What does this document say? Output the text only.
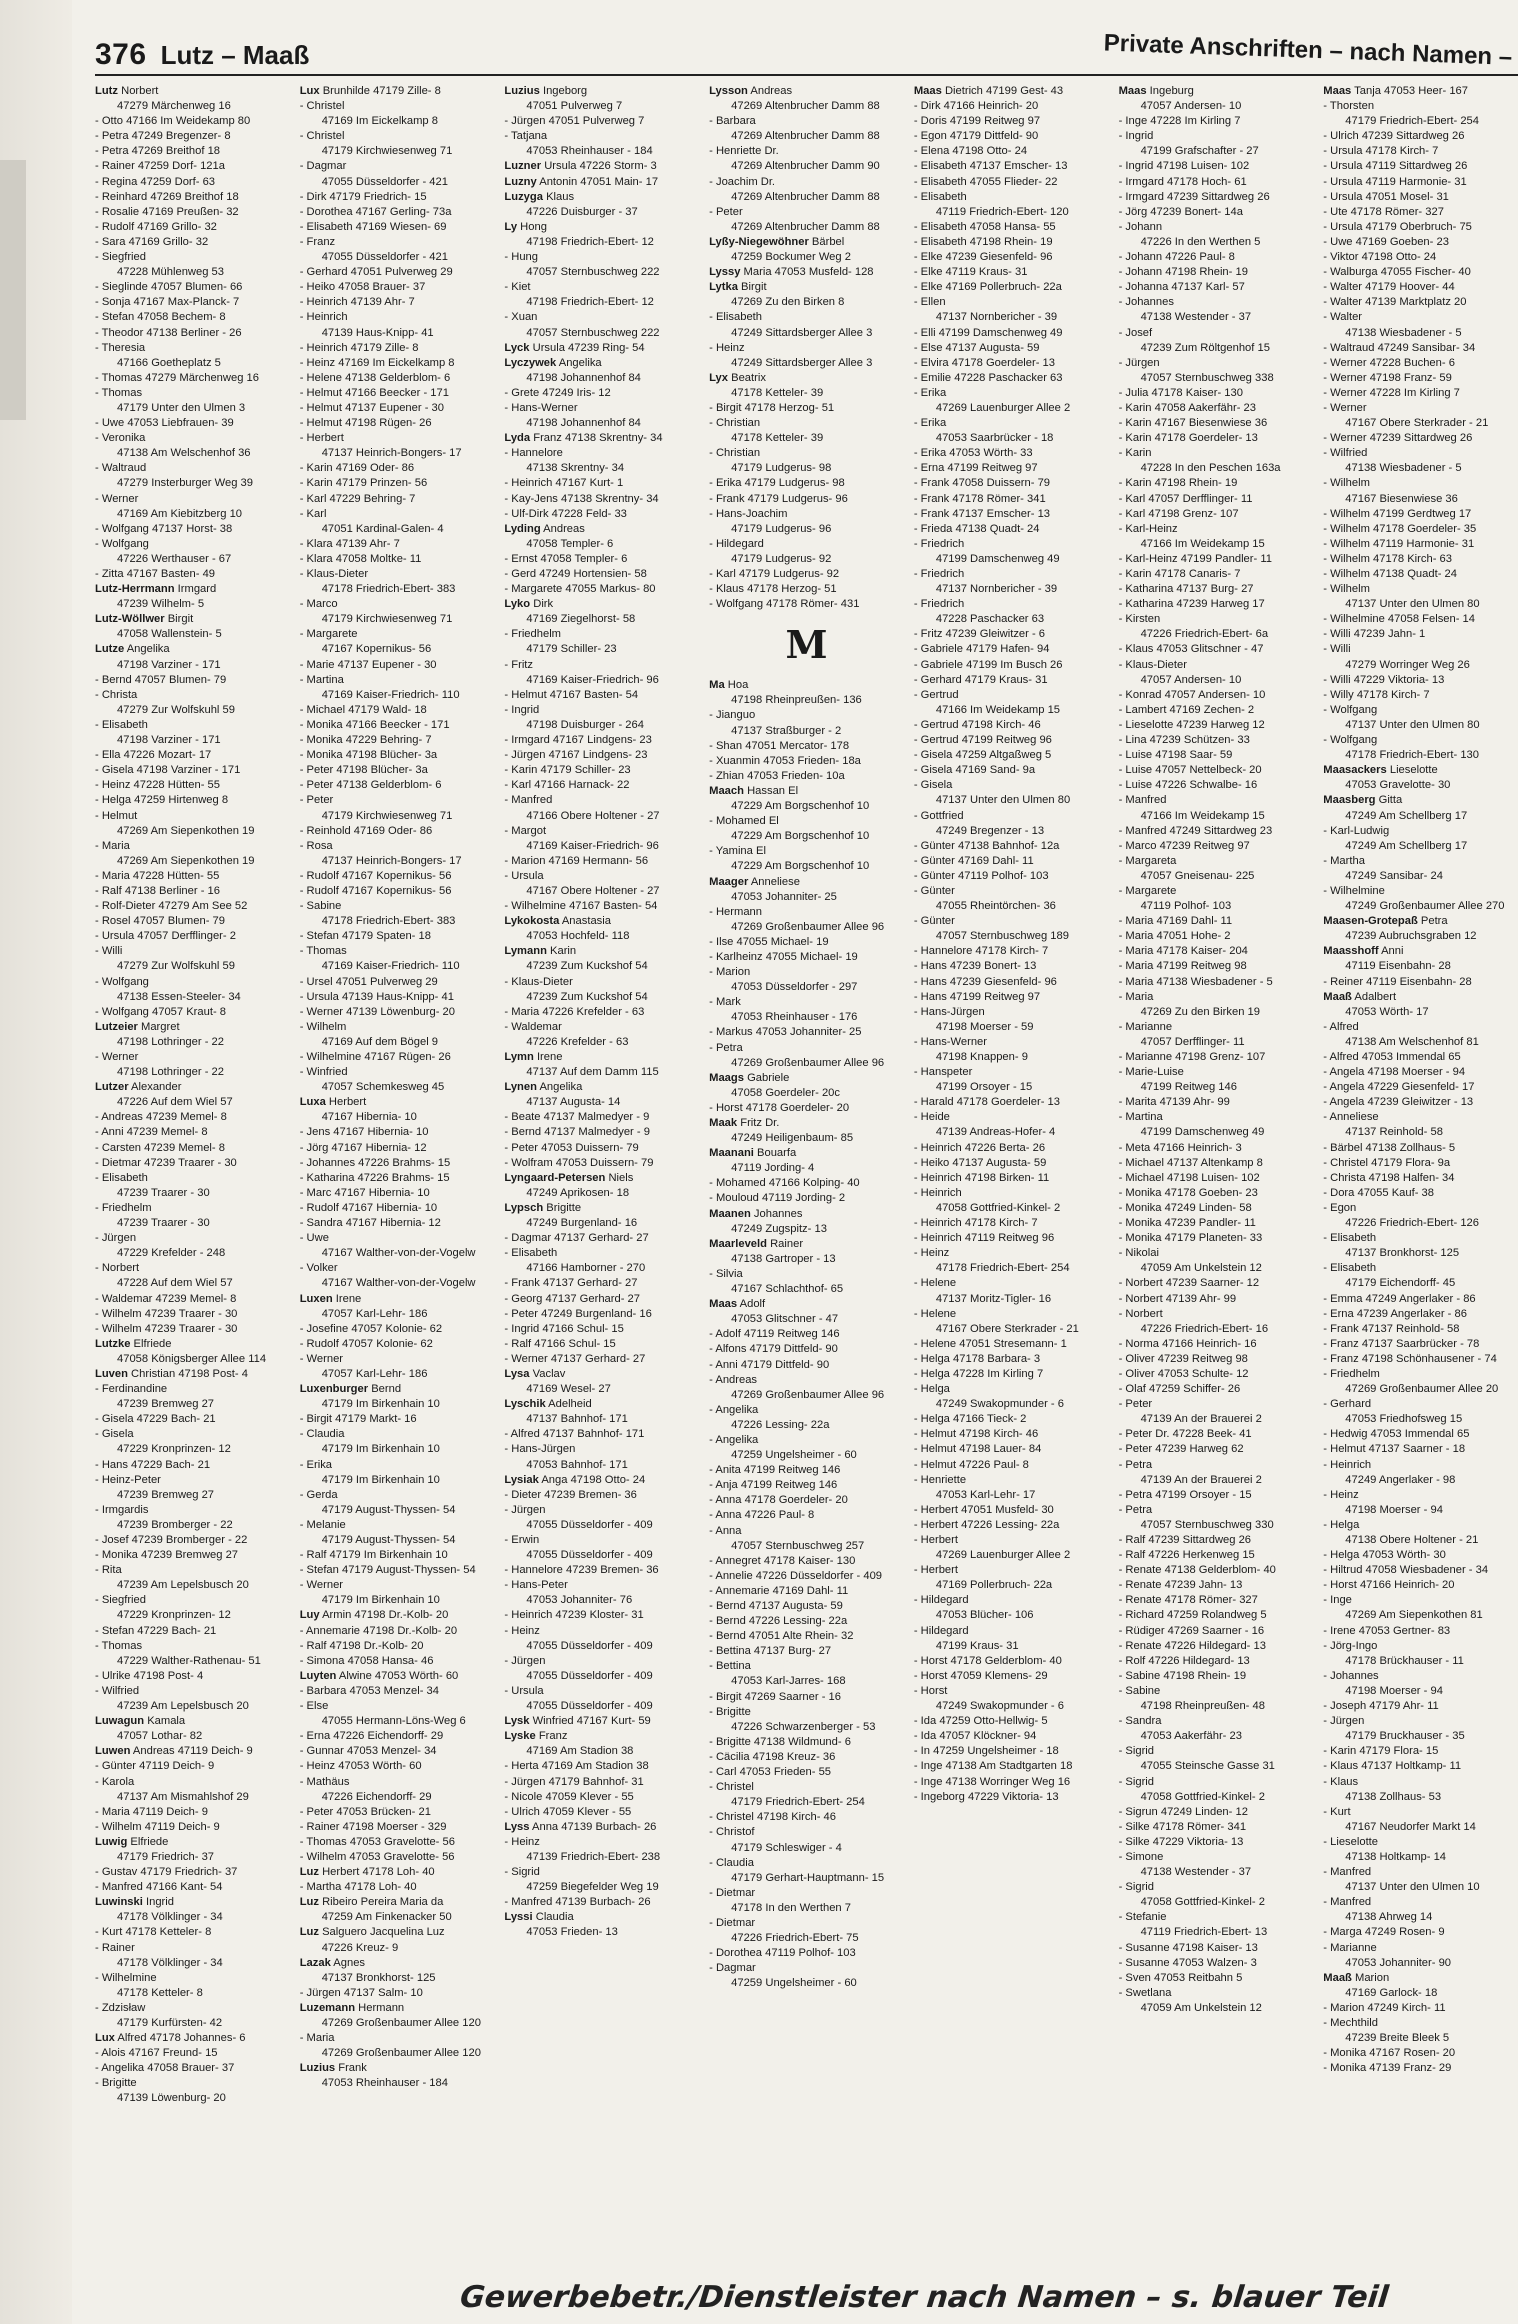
376 Lutz – Maaß	Private Anschriften – nach Namen –
Lutz Norbert
47279 Märchenweg 16
- Otto 47166 Im Weidekamp 80
- Petra 47249 Bregenzer- 8
- Petra 47269 Breithof 18
- Rainer 47259 Dorf- 121a
- Regina 47259 Dorf- 63
- Reinhard 47269 Breithof 18
- Rosalie 47169 Preußen- 32
- Rudolf 47169 Grillo- 32
- Sara 47169 Grillo- 32
- Siegfried
47228 Mühlenweg 53
- Sieglinde 47057 Blumen- 66
- Sonja 47167 Max-Planck- 7
- Stefan 47058 Bechem- 8
- Theodor 47138 Berliner - 26
- Theresia
47166 Goetheplatz 5
- Thomas 47279 Märchenweg 16
- Thomas
47179 Unter den Ulmen 3
- Uwe 47053 Liebfrauen- 39
- Veronika
47138 Am Welschenhof 36
- Waltraud
47279 Insterburger Weg 39
- Werner
47169 Am Kiebitzberg 10
- Wolfgang 47137 Horst- 38
- Wolfgang
47226 Werthauser - 67
- Zitta 47167 Basten- 49
Lutz-Herrmann Irmgard
47239 Wilhelm- 5
Lutz-Wöllwer Birgit
47058 Wallenstein- 5
Lutze Angelika
47198 Varziner - 171
- Bernd 47057 Blumen- 79
- Christa
47279 Zur Wolfskuhl 59
- Elisabeth
47198 Varziner - 171
- Ella 47226 Mozart- 17
- Gisela 47198 Varziner - 171
- Heinz 47228 Hütten- 55
- Helga 47259 Hirtenweg 8
- Helmut
47269 Am Siepenkothen 19
- Maria
47269 Am Siepenkothen 19
- Maria 47228 Hütten- 55
- Ralf 47138 Berliner - 16
- Rolf-Dieter 47279 Am See 52
- Rosel 47057 Blumen- 79
- Ursula 47057 Derfflinger- 2
- Willi
47279 Zur Wolfskuhl 59
- Wolfgang
47138 Essen-Steeler- 34
- Wolfgang 47057 Kraut- 8
Lutzeier Margret
47198 Lothringer - 22
- Werner
47198 Lothringer - 22
Lutzer Alexander
47226 Auf dem Wiel 57
- Andreas 47239 Memel- 8
- Anni 47239 Memel- 8
- Carsten 47239 Memel- 8
- Dietmar 47239 Traarer - 30
- Elisabeth
47239 Traarer - 30
- Friedhelm
47239 Traarer - 30
- Jürgen
47229 Krefelder - 248
- Norbert
47228 Auf dem Wiel 57
- Waldemar 47239 Memel- 8
- Wilhelm 47239 Traarer - 30
- Wilhelm 47239 Traarer - 30
Lutzke Elfriede
47058 Königsberger Allee 114
Luven Christian 47198 Post- 4
- Ferdinandine
47239 Bremweg 27
- Gisela 47229 Bach- 21
- Gisela
47229 Kronprinzen- 12
- Hans 47229 Bach- 21
- Heinz-Peter
47239 Bremweg 27
- Irmgardis
47239 Bromberger - 22
- Josef 47239 Bromberger - 22
- Monika 47239 Bremweg 27
- Rita
47239 Am Lepelsbusch 20
- Siegfried
47229 Kronprinzen- 12
- Stefan 47229 Bach- 21
- Thomas
47229 Walther-Rathenau- 51
- Ulrike 47198 Post- 4
- Wilfried
47239 Am Lepelsbusch 20
Luwagun Kamala
47057 Lothar- 82
Luwen Andreas 47119 Deich- 9
- Günter 47119 Deich- 9
- Karola
47137 Am Mismahlshof 29
- Maria 47119 Deich- 9
- Wilhelm 47119 Deich- 9
Luwig Elfriede
47179 Friedrich- 37
- Gustav 47179 Friedrich- 37
- Manfred 47166 Kant- 54
Luwinski Ingrid
47178 Völklinger - 34
- Kurt 47178 Ketteler- 8
- Rainer
47178 Völklinger - 34
- Wilhelmine
47178 Ketteler- 8
- Zdzisław
47179 Kurfürsten- 42
Lux Alfred 47178 Johannes- 6
- Alois 47167 Freund- 15
- Angelika 47058 Brauer- 37
- Brigitte
47139 Löwenburg- 20
Lux Brunhilde 47179 Zille- 8
- Christel
47169 Im Eickelkamp 8
- Christel
47179 Kirchwiesenweg 71
- Dagmar
47055 Düsseldorfer - 421
- Dirk 47179 Friedrich- 15
- Dorothea 47167 Gerling- 73a
- Elisabeth 47169 Wiesen- 69
- Franz
47055 Düsseldorfer - 421
- Gerhard 47051 Pulverweg 29
- Heiko 47058 Brauer- 37
- Heinrich 47139 Ahr- 7
- Heinrich
47139 Haus-Knipp- 41
- Heinrich 47179 Zille- 8
- Heinz 47169 Im Eickelkamp 8
- Helene 47138 Gelderblom- 6
- Helmut 47166 Beecker - 171
- Helmut 47137 Eupener - 30
- Helmut 47198 Rügen- 26
- Herbert
47137 Heinrich-Bongers- 17
- Karin 47169 Oder- 86
- Karin 47179 Prinzen- 56
- Karl 47229 Behring- 7
- Karl
47051 Kardinal-Galen- 4
- Klara 47139 Ahr- 7
- Klara 47058 Moltke- 11
- Klaus-Dieter
47178 Friedrich-Ebert- 383
- Marco
47179 Kirchwiesenweg 71
- Margarete
47167 Kopernikus- 56
- Marie 47137 Eupener - 30
- Martina
47169 Kaiser-Friedrich- 110
- Michael 47179 Wald- 18
- Monika 47166 Beecker - 171
- Monika 47229 Behring- 7
- Monika 47198 Blücher- 3a
- Peter 47198 Blücher- 3a
- Peter 47138 Gelderblom- 6
- Peter
47179 Kirchwiesenweg 71
- Reinhold 47169 Oder- 86
- Rosa
47137 Heinrich-Bongers- 17
- Rudolf 47167 Kopernikus- 56
- Rudolf 47167 Kopernikus- 56
- Sabine
47178 Friedrich-Ebert- 383
- Stefan 47179 Spaten- 18
- Thomas
47169 Kaiser-Friedrich- 110
- Ursel 47051 Pulverweg 29
- Ursula 47139 Haus-Knipp- 41
- Werner 47139 Löwenburg- 20
- Wilhelm
47169 Auf dem Bögel 9
- Wilhelmine 47167 Rügen- 26
- Winfried
47057 Schemkesweg 45
Luxa Herbert
47167 Hibernia- 10
- Jens 47167 Hibernia- 10
- Jörg 47167 Hibernia- 12
- Johannes 47226 Brahms- 15
- Katharina 47226 Brahms- 15
- Marc 47167 Hibernia- 10
- Rudolf 47167 Hibernia- 10
- Sandra 47167 Hibernia- 12
- Uwe
47167 Walther-von-der-Vogelw
- Volker
47167 Walther-von-der-Vogelw
Luxen Irene
47057 Karl-Lehr- 186
- Josefine 47057 Kolonie- 62
- Rudolf 47057 Kolonie- 62
- Werner
47057 Karl-Lehr- 186
Luxenburger Bernd
47179 Im Birkenhain 10
- Birgit 47179 Markt- 16
- Claudia
47179 Im Birkenhain 10
- Erika
47179 Im Birkenhain 10
- Gerda
47179 August-Thyssen- 54
- Melanie
47179 August-Thyssen- 54
- Ralf 47179 Im Birkenhain 10
- Stefan 47179 August-Thyssen- 54
- Werner
47179 Im Birkenhain 10
Luy Armin 47198 Dr.-Kolb- 20
- Annemarie 47198 Dr.-Kolb- 20
- Ralf 47198 Dr.-Kolb- 20
- Simona 47058 Hansa- 46
Luyten Alwine 47053 Wörth- 60
- Barbara 47053 Menzel- 34
- Else
47055 Hermann-Löns-Weg 6
- Erna 47226 Eichendorff- 29
- Gunnar 47053 Menzel- 34
- Heinz 47053 Wörth- 60
- Mathäus
47226 Eichendorff- 29
- Peter 47053 Brücken- 21
- Rainer 47198 Moerser - 329
- Thomas 47053 Gravelotte- 56
- Wilhelm 47053 Gravelotte- 56
Luz Herbert 47178 Loh- 40
- Martha 47178 Loh- 40
Luz Ribeiro Pereira Maria da
47259 Am Finkenacker 50
Luz Salguero Jacquelina Luz
47226 Kreuz- 9
Lazak Agnes
47137 Bronkhorst- 125
- Jürgen 47137 Salm- 10
Luzemann Hermann
47269 Großenbaumer Allee 120
- Maria
47269 Großenbaumer Allee 120
Luzius Frank
47053 Rheinhauser - 184
Luzius Ingeborg
47051 Pulverweg 7
- Jürgen 47051 Pulverweg 7
- Tatjana
47053 Rheinhauser - 184
Luzner Ursula 47226 Storm- 3
Luzny Antonin 47051 Main- 17
Luzyga Klaus
47226 Duisburger - 37
Ly Hong
47198 Friedrich-Ebert- 12
- Hung
47057 Sternbuschweg 222
- Kiet
47198 Friedrich-Ebert- 12
- Xuan
47057 Sternbuschweg 222
Lyck Ursula 47239 Ring- 54
Lyczywek Angelika
47198 Johannenhof 84
- Grete 47249 Iris- 12
- Hans-Werner
47198 Johannenhof 84
Lyda Franz 47138 Skrentny- 34
- Hannelore
47138 Skrentny- 34
- Heinrich 47167 Kurt- 1
- Kay-Jens 47138 Skrentny- 34
- Ulf-Dirk 47228 Feld- 33
Lyding Andreas
47058 Templer- 6
- Ernst 47058 Templer- 6
- Gerd 47249 Hortensien- 58
- Margarete 47055 Markus- 80
Lyko Dirk
47169 Ziegelhorst- 58
- Friedhelm
47179 Schiller- 23
- Fritz
47169 Kaiser-Friedrich- 96
- Helmut 47167 Basten- 54
- Ingrid
47198 Duisburger - 264
- Irmgard 47167 Lindgens- 23
- Jürgen 47167 Lindgens- 23
- Karin 47179 Schiller- 23
- Karl 47166 Harnack- 22
- Manfred
47166 Obere Holtener - 27
- Margot
47169 Kaiser-Friedrich- 96
- Marion 47169 Hermann- 56
- Ursula
47167 Obere Holtener - 27
- Wilhelmine 47167 Basten- 54
Lykokosta Anastasia
47053 Hochfeld- 118
Lymann Karin
47239 Zum Kuckshof 54
- Klaus-Dieter
47239 Zum Kuckshof 54
- Maria 47226 Krefelder - 63
- Waldemar
47226 Krefelder - 63
Lymn Irene
47137 Auf dem Damm 115
Lynen Angelika
47137 Augusta- 14
- Beate 47137 Malmedyer - 9
- Bernd 47137 Malmedyer - 9
- Peter 47053 Duissern- 79
- Wolfram 47053 Duissern- 79
Lyngaard-Petersen Niels
47249 Aprikosen- 18
Lypsch Brigitte
47249 Burgenland- 16
- Dagmar 47137 Gerhard- 27
- Elisabeth
47166 Hamborner - 270
- Frank 47137 Gerhard- 27
- Georg 47137 Gerhard- 27
- Peter 47249 Burgenland- 16
- Ingrid 47166 Schul- 15
- Ralf 47166 Schul- 15
- Werner 47137 Gerhard- 27
Lysa Vaclav
47169 Wesel- 27
Lyschik Adelheid
47137 Bahnhof- 171
- Alfred 47137 Bahnhof- 171
- Hans-Jürgen
47053 Bahnhof- 171
Lysiak Anga 47198 Otto- 24
- Dieter 47239 Bremen- 36
- Jürgen
47055 Düsseldorfer - 409
- Erwin
47055 Düsseldorfer - 409
- Hannelore 47239 Bremen- 36
- Hans-Peter
47053 Johanniter- 76
- Heinrich 47239 Kloster- 31
- Heinz
47055 Düsseldorfer - 409
- Jürgen
47055 Düsseldorfer - 409
- Ursula
47055 Düsseldorfer - 409
Lysk Winfried 47167 Kurt- 59
Lyske Franz
47169 Am Stadion 38
- Herta 47169 Am Stadion 38
- Jürgen 47179 Bahnhof- 31
- Nicole 47059 Klever - 55
- Ulrich 47059 Klever - 55
Lyss Anna 47139 Burbach- 26
- Heinz
47139 Friedrich-Ebert- 238
- Sigrid
47259 Biegefelder Weg 19
- Manfred 47139 Burbach- 26
Lyssi Claudia
47053 Frieden- 13
Lysson Andreas
47269 Altenbrucher Damm 88
- Barbara
47269 Altenbrucher Damm 88
- Henriette Dr.
47269 Altenbrucher Damm 90
- Joachim Dr.
47269 Altenbrucher Damm 88
- Peter
47269 Altenbrucher Damm 88
Lyßy-Niegewöhner Bärbel
47259 Bockumer Weg 2
Lyssy Maria 47053 Musfeld- 128
Lytka Birgit
47269 Zu den Birken 8
- Elisabeth
47249 Sittardsberger Allee 3
- Heinz
47249 Sittardsberger Allee 3
Lyx Beatrix
47178 Ketteler- 39
- Birgit 47178 Herzog- 51
- Christian
47178 Ketteler- 39
- Christian
47179 Ludgerus- 98
- Erika 47179 Ludgerus- 98
- Frank 47179 Ludgerus- 96
- Hans-Joachim
47179 Ludgerus- 96
- Hildegard
47179 Ludgerus- 92
- Karl 47179 Ludgerus- 92
- Klaus 47178 Herzog- 51
- Wolfgang 47178 Römer- 431
M
Ma Hoa
47198 Rheinpreußen- 136
- Jianguo
47137 Straßburger - 2
- Shan 47051 Mercator- 178
- Xuanmin 47053 Frieden- 18a
- Zhian 47053 Frieden- 10a
Maach Hassan El
47229 Am Borgschenhof 10
- Mohamed El
47229 Am Borgschenhof 10
- Yamina El
47229 Am Borgschenhof 10
Maager Anneliese
47053 Johanniter- 25
- Hermann
47269 Großenbaumer Allee 96
- Ilse 47055 Michael- 19
- Karlheinz 47055 Michael- 19
- Marion
47053 Düsseldorfer - 297
- Mark
47053 Rheinhauser - 176
- Markus 47053 Johanniter- 25
- Petra
47269 Großenbaumer Allee 96
Maags Gabriele
47058 Goerdeler- 20c
- Horst 47178 Goerdeler- 20
Maak Fritz Dr.
47249 Heiligenbaum- 85
Maanani Bouarfa
47119 Jording- 4
- Mohamed 47166 Kolping- 40
- Mouloud 47119 Jording- 2
Maanen Johannes
47249 Zugspitz- 13
Maarleveld Rainer
47138 Gartroper - 13
- Silvia
47167 Schlachthof- 65
Maas Adolf
47053 Glitschner - 47
- Adolf 47119 Reitweg 146
- Alfons 47179 Dittfeld- 90
- Anni 47179 Dittfeld- 90
- Andreas
47269 Großenbaumer Allee 96
- Angelika
47226 Lessing- 22a
- Angelika
47259 Ungelsheimer - 60
- Anita 47199 Reitweg 146
- Anja 47199 Reitweg 146
- Anna 47178 Goerdeler- 20
- Anna 47226 Paul- 8
- Anna
47057 Sternbuschweg 257
- Annegret 47178 Kaiser- 130
- Annelie 47226 Düsseldorfer - 409
- Annemarie 47169 Dahl- 11
- Bernd 47137 Augusta- 59
- Bernd 47226 Lessing- 22a
- Bernd 47051 Alte Rhein- 32
- Bettina 47137 Burg- 27
- Bettina
47053 Karl-Jarres- 168
- Birgit 47269 Saarner - 16
- Brigitte
47226 Schwarzenberger - 53
- Brigitte 47138 Wildmund- 6
- Cäcilia 47198 Kreuz- 36
- Carl 47053 Frieden- 55
- Christel
47179 Friedrich-Ebert- 254
- Christel 47198 Kirch- 46
- Christof
47179 Schleswiger - 4
- Claudia
47179 Gerhart-Hauptmann- 15
- Dietmar
47178 In den Werthen 7
- Dietmar
47226 Friedrich-Ebert- 75
- Dorothea 47119 Polhof- 103
- Dagmar
47259 Ungelsheimer - 60
Maas Dietrich 47199 Gest- 43
- Dirk 47166 Heinrich- 20
- Doris 47199 Reitweg 97
- Egon 47179 Dittfeld- 90
- Elena 47198 Otto- 24
- Elisabeth 47137 Emscher- 13
- Elisabeth 47055 Flieder- 22
- Elisabeth
47119 Friedrich-Ebert- 120
- Elisabeth 47058 Hansa- 55
- Elisabeth 47198 Rhein- 19
- Elke 47239 Giesenfeld- 96
- Elke 47119 Kraus- 31
- Elke 47169 Pollerbruch- 22a
- Ellen
47137 Nornbericher - 39
- Elli 47199 Damschenweg 49
- Else 47137 Augusta- 59
- Elvira 47178 Goerdeler- 13
- Emilie 47228 Paschacker 63
- Erika
47269 Lauenburger Allee 2
- Erika
47053 Saarbrücker - 18
- Erika 47053 Wörth- 33
- Erna 47199 Reitweg 97
- Frank 47058 Duissern- 79
- Frank 47178 Römer- 341
- Frank 47137 Emscher- 13
- Frieda 47138 Quadt- 24
- Friedrich
47199 Damschenweg 49
- Friedrich
47137 Nornbericher - 39
- Friedrich
47228 Paschacker 63
- Fritz 47239 Gleiwitzer - 6
- Gabriele 47179 Hafen- 94
- Gabriele 47199 Im Busch 26
- Gerhard 47179 Kraus- 31
- Gertrud
47166 Im Weidekamp 15
- Gertrud 47198 Kirch- 46
- Gertrud 47199 Reitweg 96
- Gisela 47259 Altgaßweg 5
- Gisela 47169 Sand- 9a
- Gisela
47137 Unter den Ulmen 80
- Gottfried
47249 Bregenzer - 13
- Günter 47138 Bahnhof- 12a
- Günter 47169 Dahl- 11
- Günter 47119 Polhof- 103
- Günter
47055 Rheintörchen- 36
- Günter
47057 Sternbuschweg 189
- Hannelore 47178 Kirch- 7
- Hans 47239 Bonert- 13
- Hans 47239 Giesenfeld- 96
- Hans 47199 Reitweg 97
- Hans-Jürgen
47198 Moerser - 59
- Hans-Werner
47198 Knappen- 9
- Hanspeter
47199 Orsoyer - 15
- Harald 47178 Goerdeler- 13
- Heide
47139 Andreas-Hofer- 4
- Heinrich 47226 Berta- 26
- Heiko 47137 Augusta- 59
- Heinrich 47198 Birken- 11
- Heinrich
47058 Gottfried-Kinkel- 2
- Heinrich 47178 Kirch- 7
- Heinrich 47119 Reitweg 96
- Heinz
47178 Friedrich-Ebert- 254
- Helene
47137 Moritz-Tigler- 16
- Helene
47167 Obere Sterkrader - 21
- Helene 47051 Stresemann- 1
- Helga 47178 Barbara- 3
- Helga 47228 Im Kirling 7
- Helga
47249 Swakopmunder - 6
- Helga 47166 Tieck- 2
- Helmut 47198 Kirch- 46
- Helmut 47198 Lauer- 84
- Helmut 47226 Paul- 8
- Henriette
47053 Karl-Lehr- 17
- Herbert 47051 Musfeld- 30
- Herbert 47226 Lessing- 22a
- Herbert
47269 Lauenburger Allee 2
- Herbert
47169 Pollerbruch- 22a
- Hildegard
47053 Blücher- 106
- Hildegard
47199 Kraus- 31
- Horst 47178 Gelderblom- 40
- Horst 47059 Klemens- 29
- Horst
47249 Swakopmunder - 6
- Ida 47259 Otto-Hellwig- 5
- Ida 47057 Klöckner- 94
- In 47259 Ungelsheimer - 18
- Inge 47138 Am Stadtgarten 18
- Inge 47138 Worringer Weg 16
- Ingeborg 47229 Viktoria- 13
Maas Ingeburg
47057 Andersen- 10
- Inge 47228 Im Kirling 7
- Ingrid
47199 Grafschafter - 27
- Ingrid 47198 Luisen- 102
- Irmgard 47178 Hoch- 61
- Irmgard 47239 Sittardweg 26
- Jörg 47239 Bonert- 14a
- Johann
47226 In den Werthen 5
- Johann 47226 Paul- 8
- Johann 47198 Rhein- 19
- Johanna 47137 Karl- 57
- Johannes
47138 Westender - 37
- Josef
47239 Zum Röltgenhof 15
- Jürgen
47057 Sternbuschweg 338
- Julia 47178 Kaiser- 130
- Karin 47058 Aakerfähr- 23
- Karin 47167 Biesenwiese 36
- Karin 47178 Goerdeler- 13
- Karin
47228 In den Peschen 163a
- Karin 47198 Rhein- 19
- Karl 47057 Derfflinger- 11
- Karl 47198 Grenz- 107
- Karl-Heinz
47166 Im Weidekamp 15
- Karl-Heinz 47199 Pandler- 11
- Karin 47178 Canaris- 7
- Katharina 47137 Burg- 27
- Katharina 47239 Harweg 17
- Kirsten
47226 Friedrich-Ebert- 6a
- Klaus 47053 Glitschner - 47
- Klaus-Dieter
47057 Andersen- 10
- Konrad 47057 Andersen- 10
- Lambert 47169 Zechen- 2
- Lieselotte 47239 Harweg 12
- Lina 47239 Schützen- 33
- Luise 47198 Saar- 59
- Luise 47057 Nettelbeck- 20
- Luise 47226 Schwalbe- 16
- Manfred
47166 Im Weidekamp 15
- Manfred 47249 Sittardweg 23
- Marco 47239 Reitweg 97
- Margareta
47057 Gneisenau- 225
- Margarete
47119 Polhof- 103
- Maria 47169 Dahl- 11
- Maria 47051 Hohe- 2
- Maria 47178 Kaiser- 204
- Maria 47199 Reitweg 98
- Maria 47138 Wiesbadener - 5
- Maria
47269 Zu den Birken 19
- Marianne
47057 Derfflinger- 11
- Marianne 47198 Grenz- 107
- Marie-Luise
47199 Reitweg 146
- Marita 47139 Ahr- 99
- Martina
47199 Damschenweg 49
- Meta 47166 Heinrich- 3
- Michael 47137 Altenkamp 8
- Michael 47198 Luisen- 102
- Monika 47178 Goeben- 23
- Monika 47249 Linden- 58
- Monika 47239 Pandler- 11
- Monika 47179 Planeten- 33
- Nikolai
47059 Am Unkelstein 12
- Norbert 47239 Saarner- 12
- Norbert 47139 Ahr- 99
- Norbert
47226 Friedrich-Ebert- 16
- Norma 47166 Heinrich- 16
- Oliver 47239 Reitweg 98
- Oliver 47053 Schulte- 12
- Olaf 47259 Schiffer- 26
- Peter
47139 An der Brauerei 2
- Peter Dr. 47228 Beek- 41
- Peter 47239 Harweg 62
- Petra
47139 An der Brauerei 2
- Petra 47199 Orsoyer - 15
- Petra
47057 Sternbuschweg 330
- Ralf 47239 Sittardweg 26
- Ralf 47226 Herkenweg 15
- Renate 47138 Gelderblom- 40
- Renate 47239 Jahn- 13
- Renate 47178 Römer- 327
- Richard 47259 Rolandweg 5
- Rüdiger 47269 Saarner - 16
- Renate 47226 Hildegard- 13
- Rolf 47226 Hildegard- 13
- Sabine 47198 Rhein- 19
- Sabine
47198 Rheinpreußen- 48
- Sandra
47053 Aakerfähr- 23
- Sigrid
47055 Steinsche Gasse 31
- Sigrid
47058 Gottfried-Kinkel- 2
- Sigrun 47249 Linden- 12
- Silke 47178 Römer- 341
- Silke 47229 Viktoria- 13
- Simone
47138 Westender - 37
- Sigrid
47058 Gottfried-Kinkel- 2
- Stefanie
47119 Friedrich-Ebert- 13
- Susanne 47198 Kaiser- 13
- Susanne 47053 Walzen- 3
- Sven 47053 Reitbahn 5
- Swetlana
47059 Am Unkelstein 12
Maas Tanja 47053 Heer- 167
- Thorsten
47179 Friedrich-Ebert- 254
- Ulrich 47239 Sittardweg 26
- Ursula 47178 Kirch- 7
- Ursula 47119 Sittardweg 26
- Ursula 47119 Harmonie- 31
- Ursula 47051 Mosel- 31
- Ute 47178 Römer- 327
- Ursula 47179 Oberbruch- 75
- Uwe 47169 Goeben- 23
- Viktor 47198 Otto- 24
- Walburga 47055 Fischer- 40
- Walter 47179 Hoover- 44
- Walter 47139 Marktplatz 20
- Walter
47138 Wiesbadener - 5
- Waltraud 47249 Sansibar- 34
- Werner 47228 Buchen- 6
- Werner 47198 Franz- 59
- Werner 47228 Im Kirling 7
- Werner
47167 Obere Sterkrader - 21
- Werner 47239 Sittardweg 26
- Wilfried
47138 Wiesbadener - 5
- Wilhelm
47167 Biesenwiese 36
- Wilhelm 47199 Gerdtweg 17
- Wilhelm 47178 Goerdeler- 35
- Wilhelm 47119 Harmonie- 31
- Wilhelm 47178 Kirch- 63
- Wilhelm 47138 Quadt- 24
- Wilhelm
47137 Unter den Ulmen 80
- Wilhelmine 47058 Felsen- 14
- Willi 47239 Jahn- 1
- Willi
47279 Worringer Weg 26
- Willi 47229 Viktoria- 13
- Willy 47178 Kirch- 7
- Wolfgang
47137 Unter den Ulmen 80
- Wolfgang
47178 Friedrich-Ebert- 130
Maasackers Lieselotte
47053 Gravelotte- 30
Maasberg Gitta
47249 Am Schellberg 17
- Karl-Ludwig
47249 Am Schellberg 17
- Martha
47249 Sansibar- 24
- Wilhelmine
47249 Großenbaumer Allee 270
Maasen-Grotepaß Petra
47239 Aubruchsgraben 12
Maasshoff Anni
47119 Eisenbahn- 28
- Reiner 47119 Eisenbahn- 28
Maaß Adalbert
47053 Wörth- 17
- Alfred
47138 Am Welschenhof 81
- Alfred 47053 Immendal 65
- Angela 47198 Moerser - 94
- Angela 47229 Giesenfeld- 17
- Angela 47239 Gleiwitzer - 13
- Anneliese
47137 Reinhold- 58
- Bärbel 47138 Zollhaus- 5
- Christel 47179 Flora- 9a
- Christa 47198 Halfen- 34
- Dora 47055 Kauf- 38
- Egon
47226 Friedrich-Ebert- 126
- Elisabeth
47137 Bronkhorst- 125
- Elisabeth
47179 Eichendorff- 45
- Emma 47249 Angerlaker - 86
- Erna 47239 Angerlaker - 86
- Frank 47137 Reinhold- 58
- Franz 47137 Saarbrücker - 78
- Franz 47198 Schönhausener - 74
- Friedhelm
47269 Großenbaumer Allee 20
- Gerhard
47053 Friedhofsweg 15
- Hedwig 47053 Immendal 65
- Helmut 47137 Saarner - 18
- Heinrich
47249 Angerlaker - 98
- Heinz
47198 Moerser - 94
- Helga
47138 Obere Holtener - 21
- Helga 47053 Wörth- 30
- Hiltrud 47058 Wiesbadener - 34
- Horst 47166 Heinrich- 20
- Inge
47269 Am Siepenkothen 81
- Irene 47053 Gertner- 83
- Jörg-Ingo
47178 Brückhauser - 11
- Johannes
47198 Moerser - 94
- Joseph 47179 Ahr- 11
- Jürgen
47179 Bruckhauser - 35
- Karin 47179 Flora- 15
- Klaus 47137 Holtkamp- 11
- Klaus
47138 Zollhaus- 53
- Kurt
47167 Neudorfer Markt 14
- Lieselotte
47138 Holtkamp- 14
- Manfred
47137 Unter den Ulmen 10
- Manfred
47138 Ahrweg 14
- Marga 47249 Rosen- 9
- Marianne
47053 Johanniter- 90
Maaß Marion
47169 Garlock- 18
- Marion 47249 Kirch- 11
- Mechthild
47239 Breite Bleek 5
- Monika 47167 Rosen- 20
- Monika 47139 Franz- 29
Gewerbebetr./Dienstleister nach Namen – s. blauer Teil
